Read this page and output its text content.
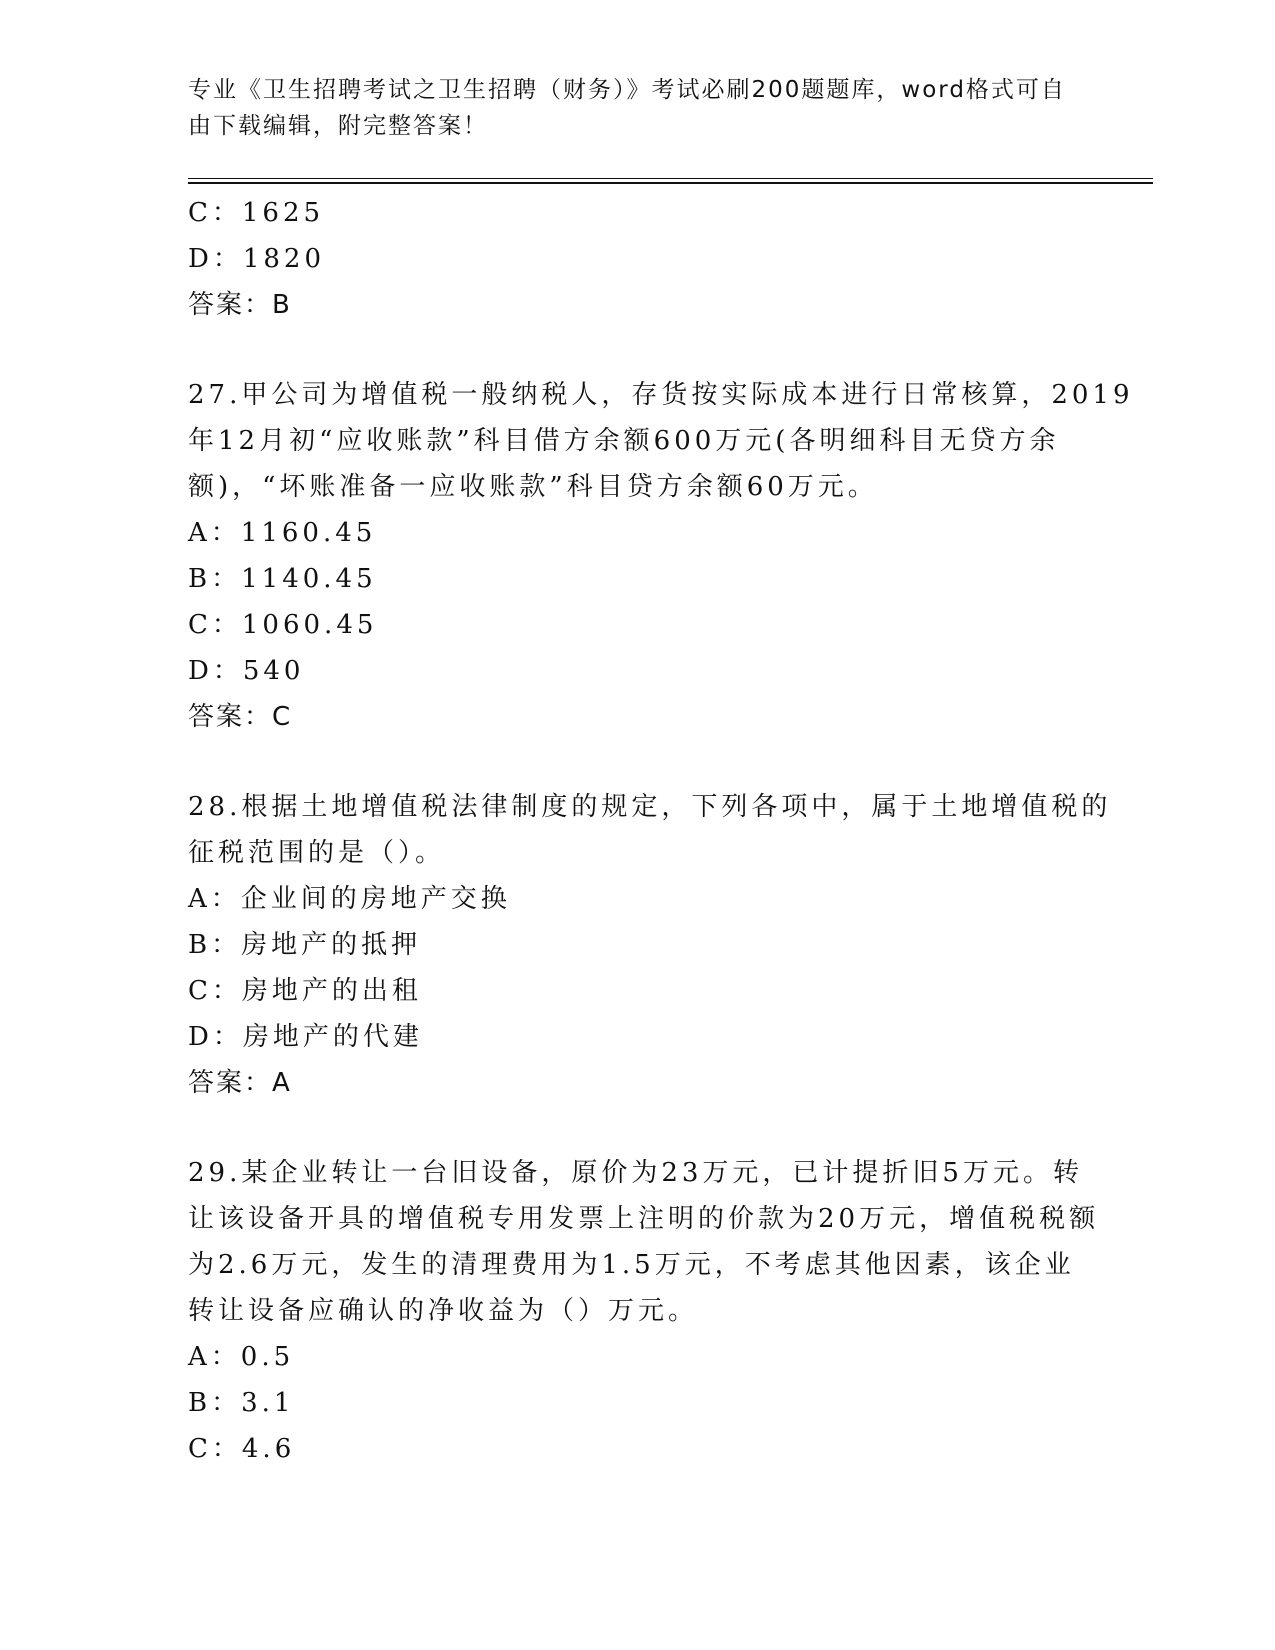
专业《卫生招聘考试之卫生招聘（财务）》考试必刷200题题库，word格式可自
由下载编辑，附完整答案！
C：1625
D：1820
答案：B
27.甲公司为增值税一般纳税人，存货按实际成本进行日常核算，2019
年12月初“应收账款”科目借方余额600万元(各明细科目无贷方余
额)，“坏账准备一应收账款”科目贷方余额60万元。
A：1160.45
B：1140.45
C：1060.45
D：540
答案：C
28.根据土地增值税法律制度的规定，下列各项中，属于土地增值税的
征税范围的是（）。
A：企业间的房地产交换
B：房地产的抵押
C：房地产的出租
D：房地产的代建
答案：A
29.某企业转让一台旧设备，原价为23万元，已计提折旧5万元。转
让该设备开具的增值税专用发票上注明的价款为20万元，增值税税额
为2.6万元，发生的清理费用为1.5万元，不考虑其他因素，该企业
转让设备应确认的净收益为（）万元。
A：0.5
B：3.1
C：4.6
